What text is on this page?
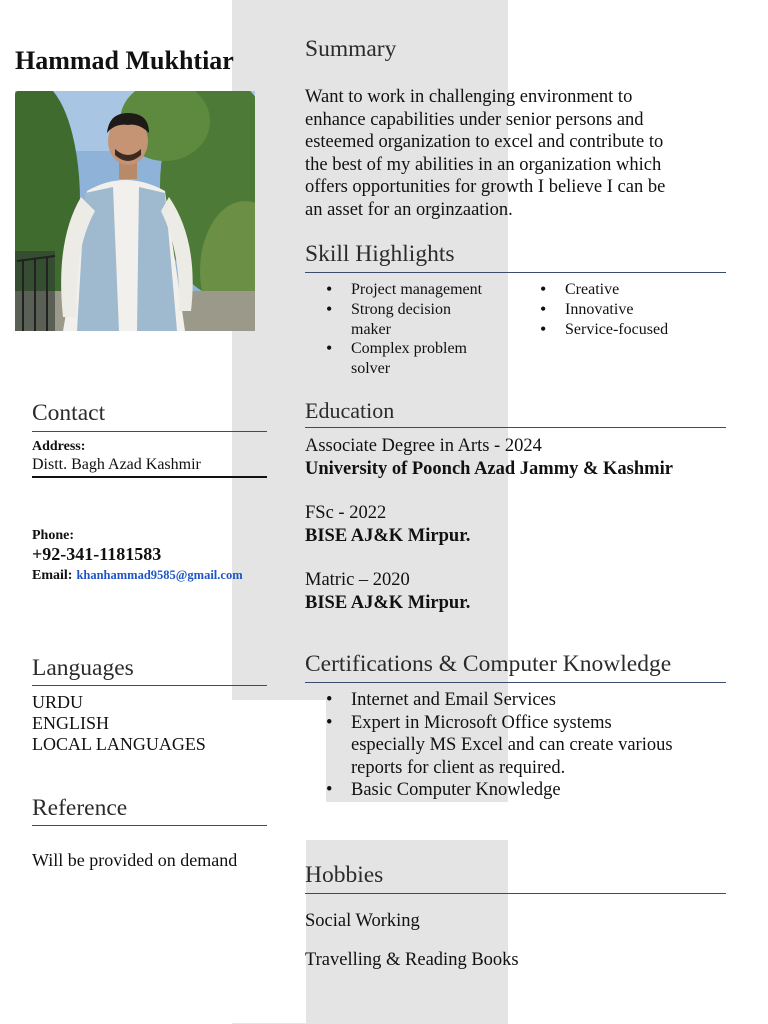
Hammad Mukhtiar
Contact
Address:
Distt. Bagh Azad Kashmir
Phone:
+92-341-1181583
Email: khanhammad9585@gmail.com
Languages
URDU
ENGLISH
LOCAL LANGUAGES
Reference
Will be provided on demand
Summary
Want to work in challenging environment to
enhance capabilities under senior persons and
esteemed organization to excel and contribute to
the best of my abilities in an organization which
offers opportunities for growth I believe I can be
an asset for an orginzaation.
Skill Highlights
• Project management
• Strong decision
maker
• Complex problem
solver
• Creative
• Innovative
• Service-focused
Education
Associate Degree in Arts - 2024
University of Poonch Azad Jammy & Kashmir
FSc - 2022
BISE AJ&K Mirpur.
Matric – 2020
BISE AJ&K Mirpur.
Certifications & Computer Knowledge
• Internet and Email Services
• Expert in Microsoft Office systems
especially MS Excel and can create various
reports for client as required.
• Basic Computer Knowledge
Hobbies
Social Working
Travelling & Reading Books
